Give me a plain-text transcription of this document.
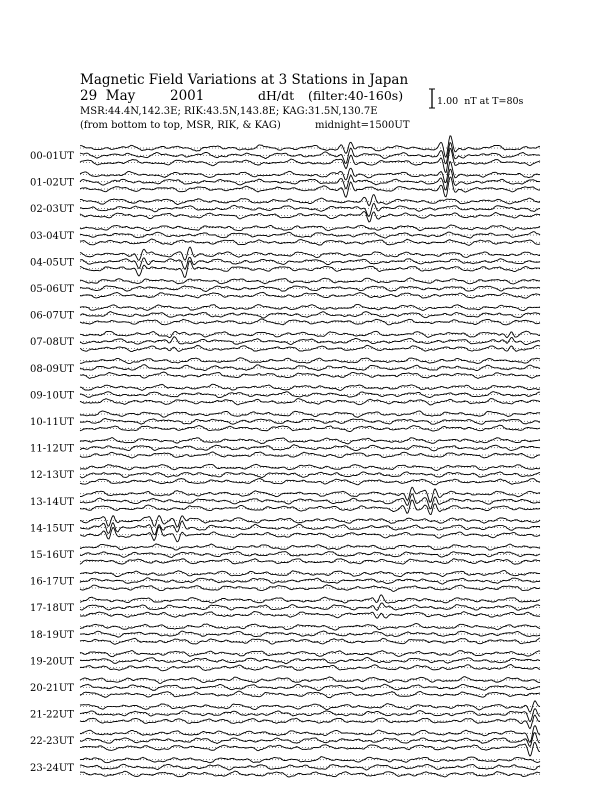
Magnetic Field Variations at 3 Stations in Japan
29  May	2001	dH/dt (filter:40-160s)
MSR:44.4N,142.3E; RIK:43.5N,143.8E; KAG:31.5N,130.7E
(from bottom to top, MSR, RIK, & KAG)	midnight=1500UT
1.00  nT at T=80s
00-01UT
01-02UT
02-03UT
03-04UT
04-05UT
05-06UT
06-07UT
07-08UT
08-09UT
09-10UT
10-11UT
11-12UT
12-13UT
13-14UT
14-15UT
15-16UT
16-17UT
17-18UT
18-19UT
19-20UT
20-21UT
21-22UT
22-23UT
23-24UT
